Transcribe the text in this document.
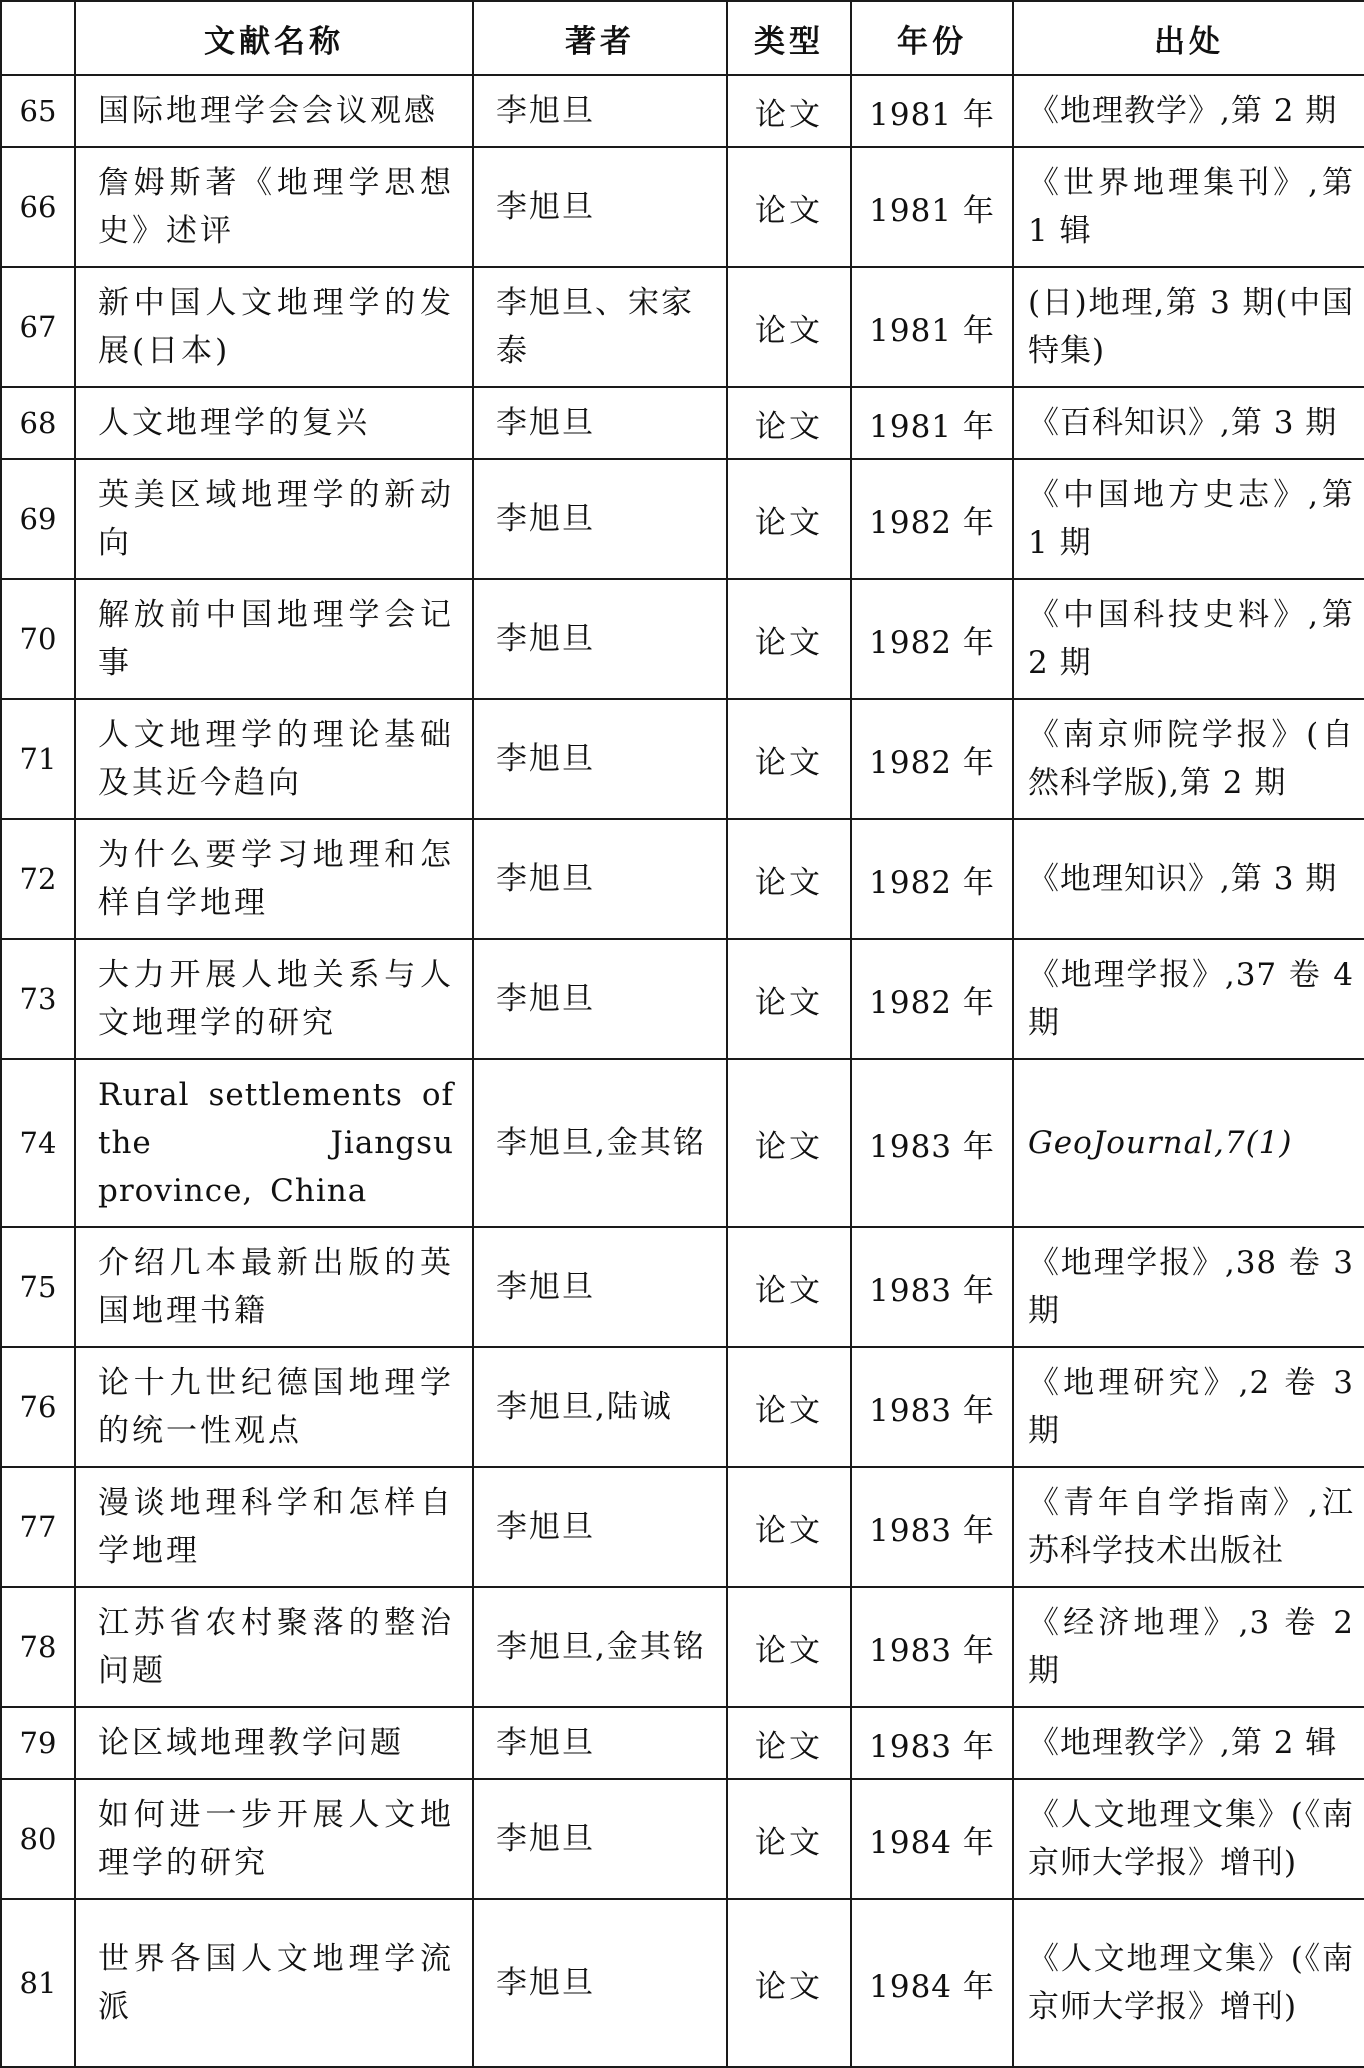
	文献名称	著者	类型	年份	出处
65	国际地理学会会议观感	李旭旦	论文	1981 年	《地理教学》,第 2 期
66	詹姆斯著《地理学思想史》述评	李旭旦	论文	1981 年	《世界地理集刊》,第 1 辑
67	新中国人文地理学的发展(日本)	李旭旦、宋家泰	论文	1981 年	(日)地理,第 3 期(中国特集)
68	人文地理学的复兴	李旭旦	论文	1981 年	《百科知识》,第 3 期
69	英美区域地理学的新动向	李旭旦	论文	1982 年	《中国地方史志》,第 1 期
70	解放前中国地理学会记事	李旭旦	论文	1982 年	《中国科技史料》,第 2 期
71	人文地理学的理论基础及其近今趋向	李旭旦	论文	1982 年	《南京师院学报》(自然科学版),第 2 期
72	为什么要学习地理和怎样自学地理	李旭旦	论文	1982 年	《地理知识》,第 3 期
73	大力开展人地关系与人文地理学的研究	李旭旦	论文	1982 年	《地理学报》,37 卷 4 期
74	Rural settlements of the Jiangsu province, China	李旭旦,金其铭	论文	1983 年	GeoJournal,7(1)
75	介绍几本最新出版的英国地理书籍	李旭旦	论文	1983 年	《地理学报》,38 卷 3 期
76	论十九世纪德国地理学的统一性观点	李旭旦,陆诚	论文	1983 年	《地理研究》,2 卷 3 期
77	漫谈地理科学和怎样自学地理	李旭旦	论文	1983 年	《青年自学指南》,江苏科学技术出版社
78	江苏省农村聚落的整治问题	李旭旦,金其铭	论文	1983 年	《经济地理》,3 卷 2 期
79	论区域地理教学问题	李旭旦	论文	1983 年	《地理教学》,第 2 辑
80	如何进一步开展人文地理学的研究	李旭旦	论文	1984 年	《人文地理文集》(《南京师大学报》增刊)
81	世界各国人文地理学流派	李旭旦	论文	1984 年	《人文地理文集》(《南京师大学报》增刊)
